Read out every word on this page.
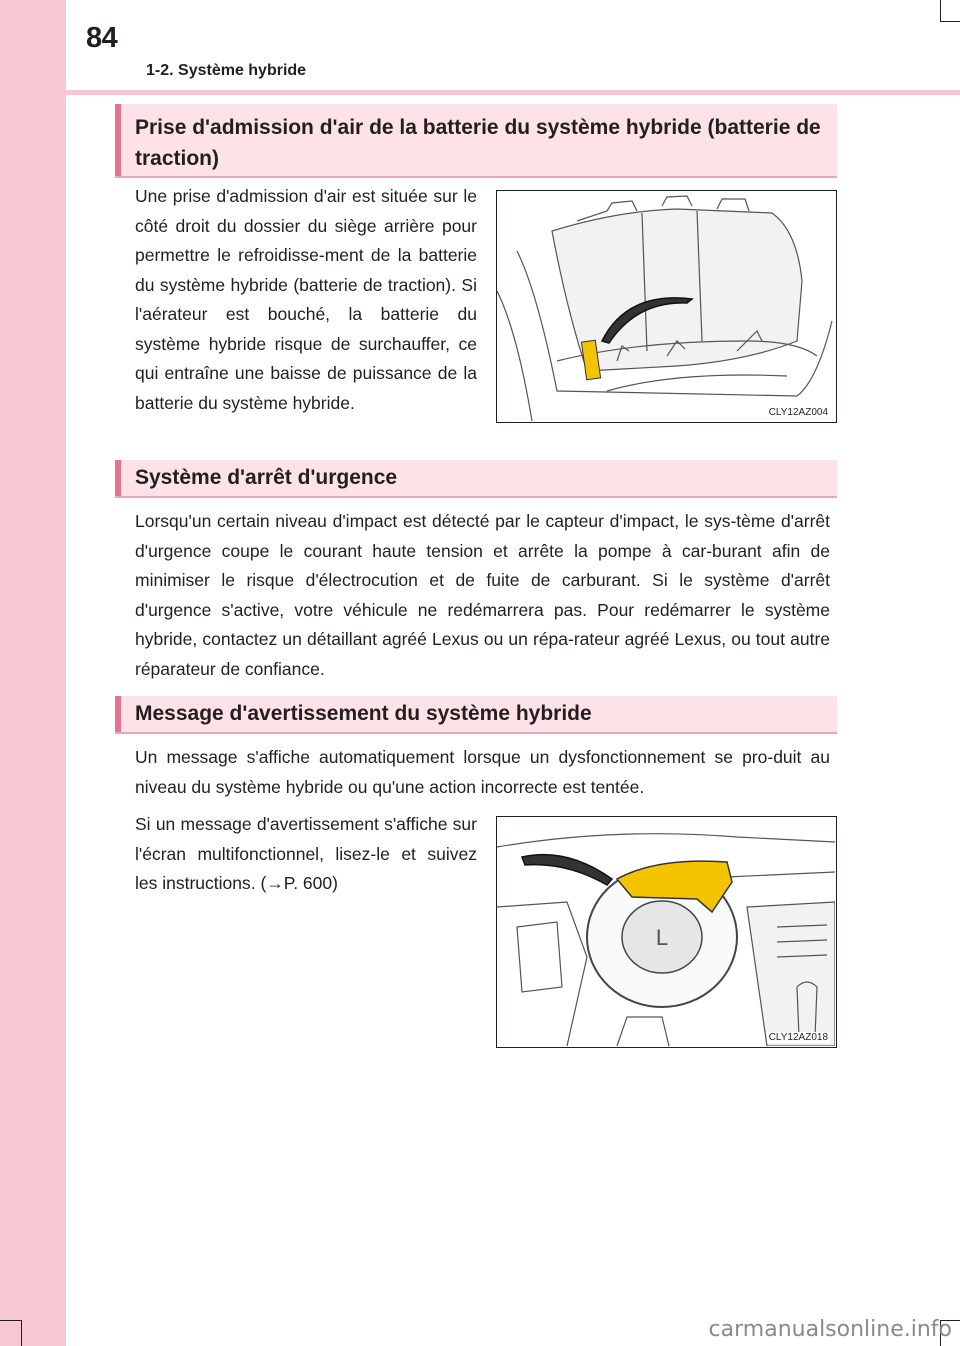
84
1-2. Système hybride
Prise d'admission d'air de la batterie du système hybride (batterie de traction)
Une prise d'admission d'air est située sur le côté droit du dossier du siège arrière pour permettre le refroidisse-ment de la batterie du système hybride (batterie de traction). Si l'aérateur est bouché, la batterie du système hybride risque de surchauffer, ce qui entraîne une baisse de puissance de la batterie du système hybride.	CLY12AZ004
Système d'arrêt d'urgence
Lorsqu'un certain niveau d'impact est détecté par le capteur d'impact, le sys-tème d'arrêt d'urgence coupe le courant haute tension et arrête la pompe à car-burant afin de minimiser le risque d'électrocution et de fuite de carburant. Si le système d'arrêt d'urgence s'active, votre véhicule ne redémarrera pas. Pour redémarrer le système hybride, contactez un détaillant agréé Lexus ou un répa-rateur agréé Lexus, ou tout autre réparateur de confiance.
Message d'avertissement du système hybride
Un message s'affiche automatiquement lorsque un dysfonctionnement se pro-duit au niveau du système hybride ou qu'une action incorrecte est tentée.
Si un message d'avertissement s'affiche sur l'écran multifonctionnel, lisez-le et suivez les instructions. (→P. 600)
L
CLY12AZ018
carmanualsonline.info
